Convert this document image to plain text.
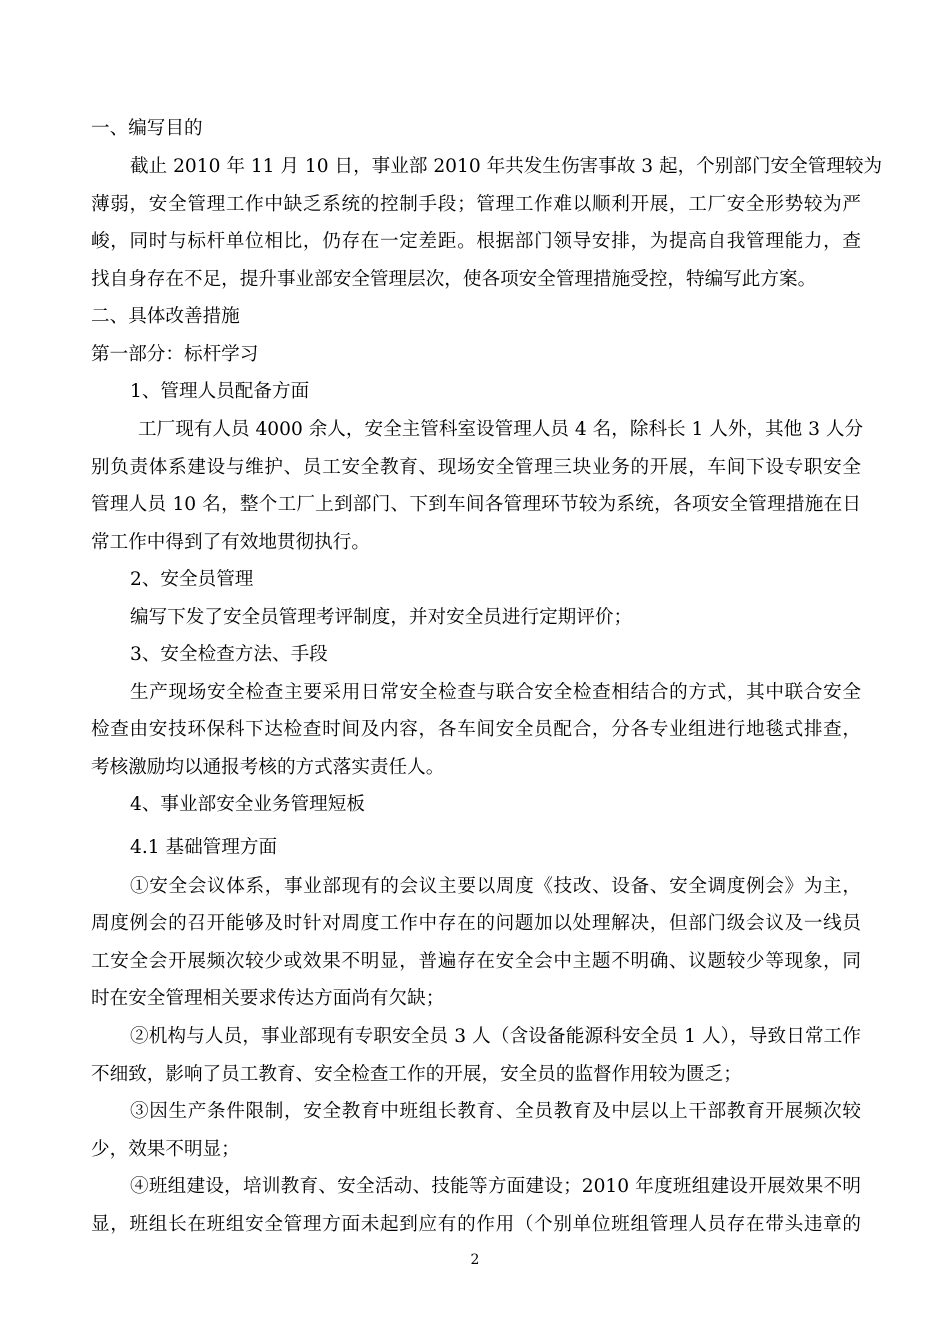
一、编写目的
截止 2010 年 11 月 10 日，事业部 2010 年共发生伤害事故 3 起，个别部门安全管理较为
薄弱，安全管理工作中缺乏系统的控制手段；管理工作难以顺利开展，工厂安全形势较为严
峻，同时与标杆单位相比，仍存在一定差距。根据部门领导安排，为提高自我管理能力，查
找自身存在不足，提升事业部安全管理层次，使各项安全管理措施受控，特编写此方案。
二、具体改善措施
第一部分：标杆学习
1、管理人员配备方面
工厂现有人员 4000 余人，安全主管科室设管理人员 4 名，除科长 1 人外，其他 3 人分
别负责体系建设与维护、员工安全教育、现场安全管理三块业务的开展，车间下设专职安全
管理人员 10 名，整个工厂上到部门、下到车间各管理环节较为系统，各项安全管理措施在日
常工作中得到了有效地贯彻执行。
2、安全员管理
编写下发了安全员管理考评制度，并对安全员进行定期评价；
3、安全检查方法、手段
生产现场安全检查主要采用日常安全检查与联合安全检查相结合的方式，其中联合安全
检查由安技环保科下达检查时间及内容，各车间安全员配合，分各专业组进行地毯式排查，
考核激励均以通报考核的方式落实责任人。
4、事业部安全业务管理短板
4.1 基础管理方面
①安全会议体系，事业部现有的会议主要以周度《技改、设备、安全调度例会》为主，
周度例会的召开能够及时针对周度工作中存在的问题加以处理解决，但部门级会议及一线员
工安全会开展频次较少或效果不明显，普遍存在安全会中主题不明确、议题较少等现象，同
时在安全管理相关要求传达方面尚有欠缺；
②机构与人员，事业部现有专职安全员 3 人（含设备能源科安全员 1 人），导致日常工作
不细致，影响了员工教育、安全检查工作的开展，安全员的监督作用较为匮乏；
③因生产条件限制，安全教育中班组长教育、全员教育及中层以上干部教育开展频次较
少，效果不明显；
④班组建设，培训教育、安全活动、技能等方面建设；2010 年度班组建设开展效果不明
显，班组长在班组安全管理方面未起到应有的作用（个别单位班组管理人员存在带头违章的
2
